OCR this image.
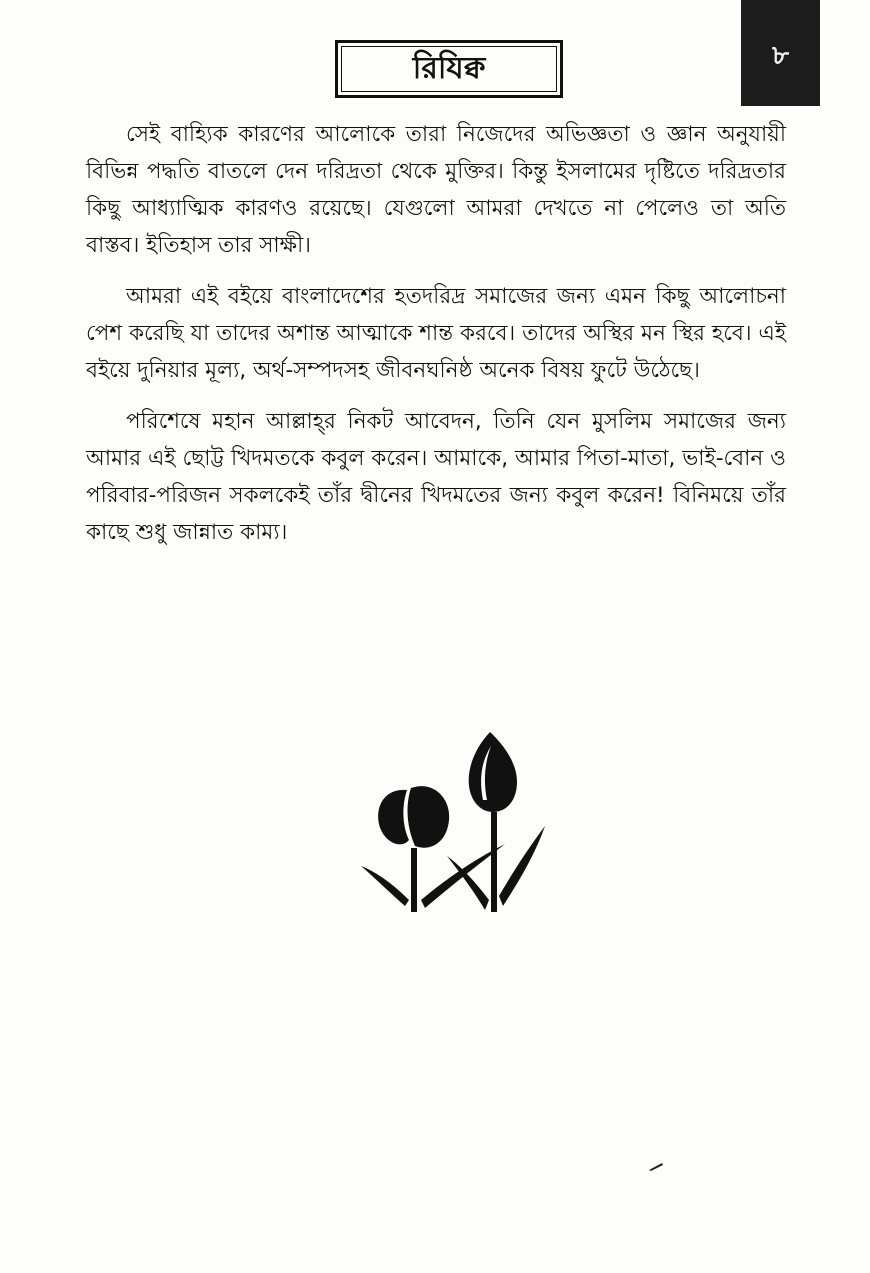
রিযিক্ব	৮

সেই বাহ্যিক কারণের আলোকে তারা নিজেদের অভিজ্ঞতা ও জ্ঞান অনুযায়ী বিভিন্ন পদ্ধতি বাতলে দেন দরিদ্রতা থেকে মুক্তির। কিন্তু ইসলামের দৃষ্টিতে দরিদ্রতার কিছু আধ্যাত্মিক কারণও রয়েছে। যেগুলো আমরা দেখতে না পেলেও তা অতি বাস্তব। ইতিহাস তার সাক্ষী।

আমরা এই বইয়ে বাংলাদেশের হতদরিদ্র সমাজের জন্য এমন কিছু আলোচনা পেশ করেছি যা তাদের অশান্ত আত্মাকে শান্ত করবে। তাদের অস্থির মন স্থির হবে। এই বইয়ে দুনিয়ার মূল্য, অর্থ-সম্পদসহ জীবনঘনিষ্ঠ অনেক বিষয় ফুটে উঠেছে।

পরিশেষে মহান আল্লাহ্‌র নিকট আবেদন, তিনি যেন মুসলিম সমাজের জন্য আমার এই ছোট্ট খিদমতকে কবুল করেন। আমাকে, আমার পিতা-মাতা, ভাই-বোন ও পরিবার-পরিজন সকলকেই তাঁর দ্বীনের খিদমতের জন্য কবুল করেন! বিনিময়ে তাঁর কাছে শুধু জান্নাত কাম্য।
